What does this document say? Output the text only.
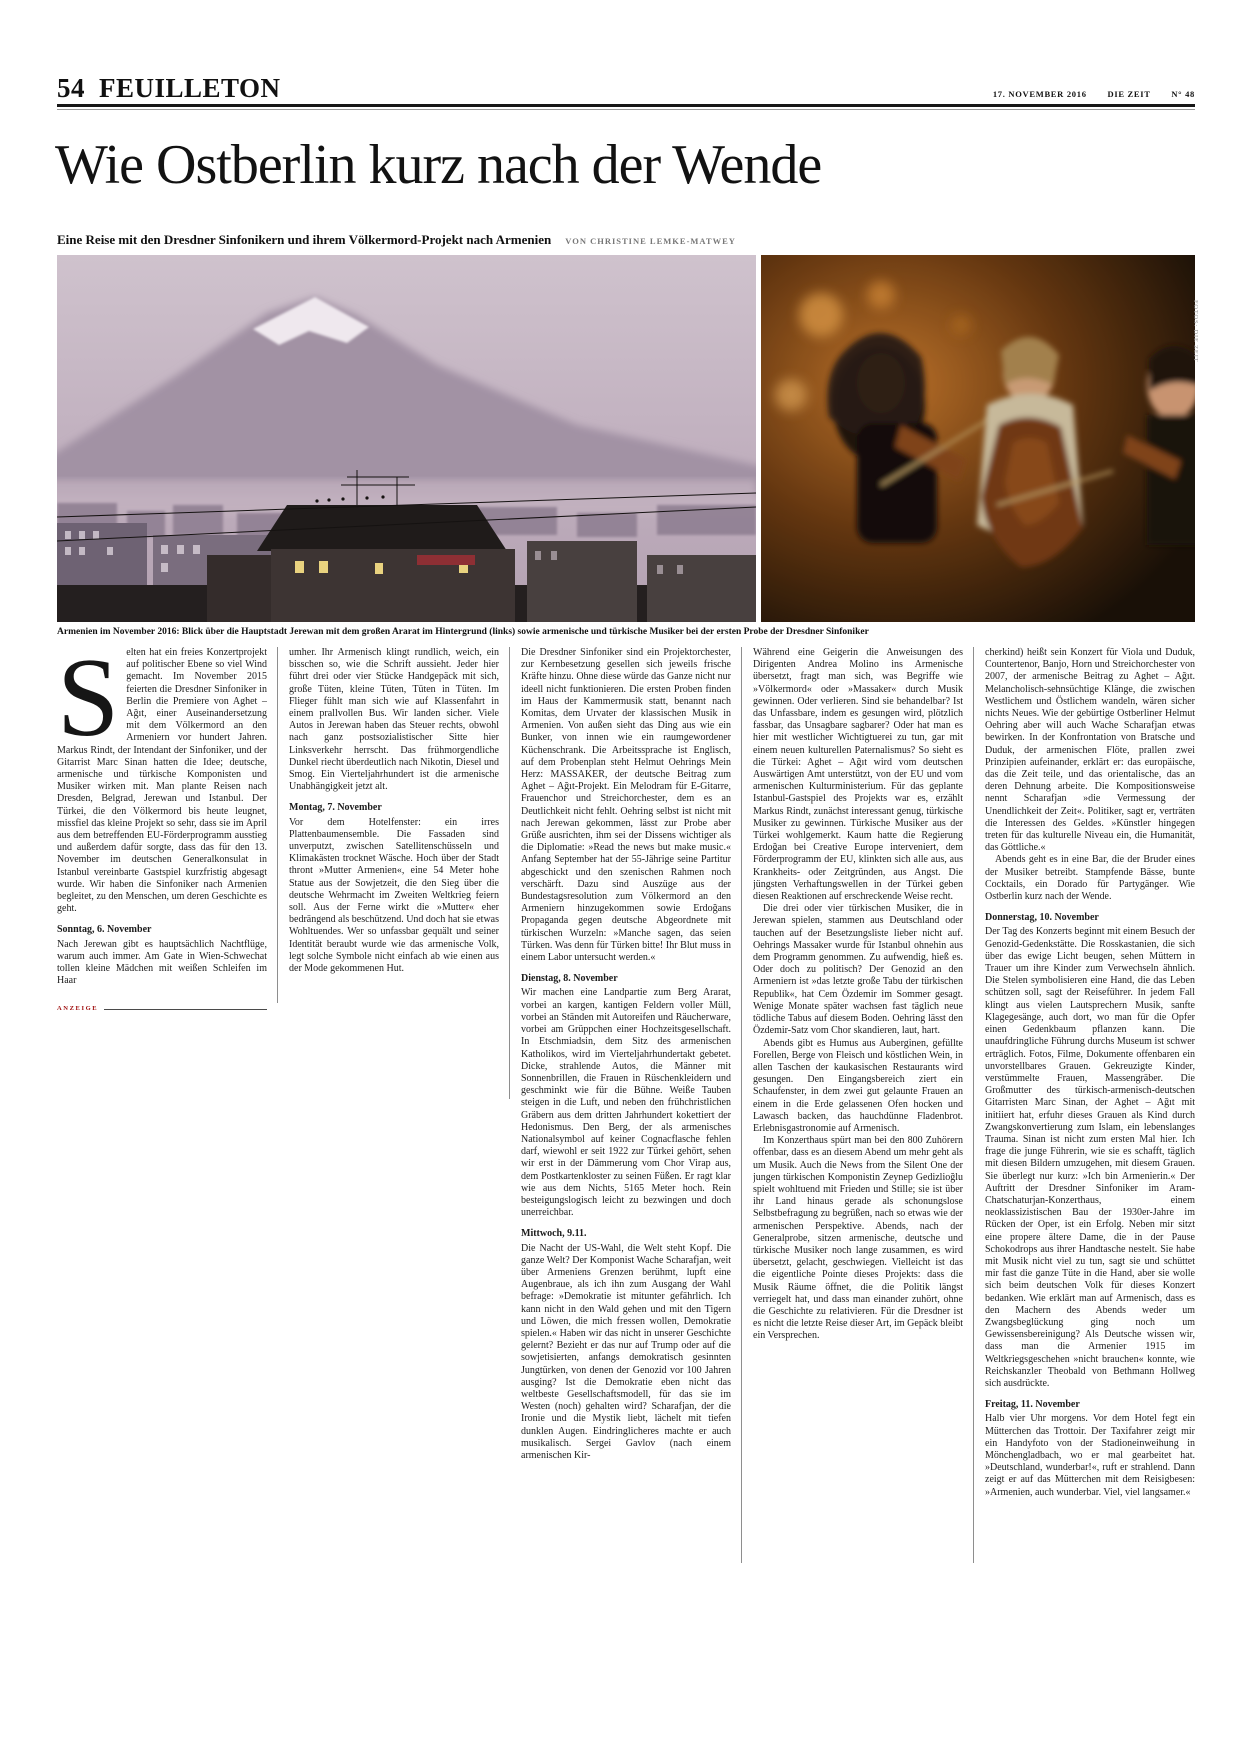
54 FEUILLETON	17. NOVEMBER 2016 DIE ZEIT N° 48
Wie Ostberlin kurz nach der Wende
Eine Reise mit den Dresdner Sinfonikern und ihrem Völkermord-Projekt nach Armenien VON CHRISTINE LEMKE-MATWEY
FOTOS: DIE ZEIT
Armenien im November 2016: Blick über die Hauptstadt Jerewan mit dem großen Ararat im Hintergrund (links) sowie armenische und türkische Musiker bei der ersten Probe der Dresdner Sinfoniker

Selten hat ein freies Konzertprojekt auf politischer Ebene so viel Wind gemacht. Im November 2015 feierten die Dresdner Sinfoniker in Berlin die Premiere von Aghet – Ağıt, einer Auseinandersetzung mit dem Völkermord an den Armeniern vor hundert Jahren. Markus Rindt, der Intendant der Sinfoniker, und der Gitarrist Marc Sinan hatten die Idee; deutsche, armenische und türkische Komponisten und Musiker wirken mit. Man plante Reisen nach Dresden, Belgrad, Jerewan und Istanbul. Der Türkei, die den Völkermord bis heute leugnet, missfiel das kleine Projekt so sehr, dass sie im April aus dem betreffenden EU-Förderprogramm ausstieg und außerdem dafür sorgte, dass das für den 13. November im deutschen Generalkonsulat in Istanbul vereinbarte Gastspiel kurzfristig abgesagt wurde. Wir haben die Sinfoniker nach Armenien begleitet, zu den Menschen, um deren Geschichte es geht.

Sonntag, 6. November

Nach Jerewan gibt es hauptsächlich Nachtflüge, warum auch immer. Am Gate in Wien-Schwechat tollen kleine Mädchen mit weißen Schleifen im Haar

ANZEIGE

umher. Ihr Armenisch klingt rundlich, weich, ein bisschen so, wie die Schrift aussieht. Jeder hier führt drei oder vier Stücke Handgepäck mit sich, große Tüten, kleine Tüten, Tüten in Tüten. Im Flieger fühlt man sich wie auf Klassenfahrt in einem prallvollen Bus. Wir landen sicher. Viele Autos in Jerewan haben das Steuer rechts, obwohl nach ganz postsozialistischer Sitte hier Linksverkehr herrscht. Das frühmorgendliche Dunkel riecht überdeutlich nach Nikotin, Diesel und Smog. Ein Vierteljahrhundert ist die armenische Unabhängigkeit jetzt alt.

Montag, 7. November

Vor dem Hotelfenster: ein irres Plattenbaumensemble. Die Fassaden sind unverputzt, zwischen Satellitenschüsseln und Klimakästen trocknet Wäsche. Hoch über der Stadt thront »Mutter Armenien«, eine 54 Meter hohe Statue aus der Sowjetzeit, die den Sieg über die deutsche Wehrmacht im Zweiten Weltkrieg feiern soll. Aus der Ferne wirkt die »Mutter« eher bedrängend als beschützend. Und doch hat sie etwas Wohltuendes. Wer so unfassbar gequält und seiner Identität beraubt wurde wie das armenische Volk, legt solche Symbole nicht einfach ab wie einen aus der Mode gekommenen Hut.

Die Dresdner Sinfoniker sind ein Projektorchester, zur Kernbesetzung gesellen sich jeweils frische Kräfte hinzu. Ohne diese würde das Ganze nicht nur ideell nicht funktionieren. Die ersten Proben finden im Haus der Kammermusik statt, benannt nach Komitas, dem Urvater der klassischen Musik in Armenien. Von außen sieht das Ding aus wie ein Bunker, von innen wie ein raumgewordener Küchenschrank. Die Arbeitssprache ist Englisch, auf dem Probenplan steht Helmut Oehrings Mein Herz: MASSAKER, der deutsche Beitrag zum Aghet – Ağıt-Projekt. Ein Melodram für E-Gitarre, Frauenchor und Streichorchester, dem es an Deutlichkeit nicht fehlt. Oehring selbst ist nicht mit nach Jerewan gekommen, lässt zur Probe aber Grüße ausrichten, ihm sei der Dissens wichtiger als die Diplomatie: »Read the news but make music.« Anfang September hat der 55-Jährige seine Partitur abgeschickt und den szenischen Rahmen noch verschärft. Dazu sind Auszüge aus der Bundestagsresolution zum Völkermord an den Armeniern hinzugekommen sowie Erdoğans Propaganda gegen deutsche Abgeordnete mit türkischen Wurzeln: »Manche sagen, das seien Türken. Was denn für Türken bitte! Ihr Blut muss in einem Labor untersucht werden.«

Dienstag, 8. November

Wir machen eine Landpartie zum Berg Ararat, vorbei an kargen, kantigen Feldern voller Müll, vorbei an Ständen mit Autoreifen und Räucherware, vorbei am Grüppchen einer Hochzeitsgesellschaft. In Etschmiadsin, dem Sitz des armenischen Katholikos, wird im Vierteljahrhundertakt gebetet. Dicke, strahlende Autos, die Männer mit Sonnenbrillen, die Frauen in Rüschenkleidern und geschminkt wie für die Bühne. Weiße Tauben steigen in die Luft, und neben den frühchristlichen Gräbern aus dem dritten Jahrhundert kokettiert der Hedonismus. Den Berg, der als armenisches Nationalsymbol auf keiner Cognacflasche fehlen darf, wiewohl er seit 1922 zur Türkei gehört, sehen wir erst in der Dämmerung vom Chor Virap aus, dem Postkartenkloster zu seinen Füßen. Er ragt klar wie aus dem Nichts, 5165 Meter hoch. Rein besteigungslogisch leicht zu bezwingen und doch unerreichbar.

Mittwoch, 9.11.

Die Nacht der US-Wahl, die Welt steht Kopf. Die ganze Welt? Der Komponist Wache Scharafjan, weit über Armeniens Grenzen berühmt, lupft eine Augenbraue, als ich ihn zum Ausgang der Wahl befrage: »Demokratie ist mitunter gefährlich. Ich kann nicht in den Wald gehen und mit den Tigern und Löwen, die mich fressen wollen, Demokratie spielen.« Haben wir das nicht in unserer Geschichte gelernt? Bezieht er das nur auf Trump oder auf die sowjetisierten, anfangs demokratisch gesinnten Jungtürken, von denen der Genozid vor 100 Jahren ausging? Ist die Demokratie eben nicht das weltbeste Gesellschaftsmodell, für das sie im Westen (noch) gehalten wird? Scharafjan, der die Ironie und die Mystik liebt, lächelt mit tiefen dunklen Augen. Eindringlicheres machte er auch musikalisch. Sergei Gavlov (nach einem armenischen Kir-

Während eine Geigerin die Anweisungen des Dirigenten Andrea Molino ins Armenische übersetzt, fragt man sich, was Begriffe wie »Völkermord« oder »Massaker« durch Musik gewinnen. Oder verlieren. Sind sie behandelbar? Ist das Unfassbare, indem es gesungen wird, plötzlich fassbar, das Unsagbare sagbarer? Oder hat man es hier mit westlicher Wichtigtuerei zu tun, gar mit einem neuen kulturellen Paternalismus? So sieht es die Türkei: Aghet – Ağıt wird vom deutschen Auswärtigen Amt unterstützt, von der EU und vom armenischen Kulturministerium. Für das geplante Istanbul-Gastspiel des Projekts war es, erzählt Markus Rindt, zunächst interessant genug, türkische Musiker zu gewinnen. Türkische Musiker aus der Türkei wohlgemerkt. Kaum hatte die Regierung Erdoğan bei Creative Europe interveniert, dem Förderprogramm der EU, klinkten sich alle aus, aus Krankheits- oder Zeitgründen, aus Angst. Die jüngsten Verhaftungswellen in der Türkei geben diesen Reaktionen auf erschreckende Weise recht.

Die drei oder vier türkischen Musiker, die in Jerewan spielen, stammen aus Deutschland oder tauchen auf der Besetzungsliste lieber nicht auf. Oehrings Massaker wurde für Istanbul ohnehin aus dem Programm genommen. Zu aufwendig, hieß es. Oder doch zu politisch? Der Genozid an den Armeniern ist »das letzte große Tabu der türkischen Republik«, hat Cem Özdemir im Sommer gesagt. Wenige Monate später wachsen fast täglich neue tödliche Tabus auf diesem Boden. Oehring lässt den Özdemir-Satz vom Chor skandieren, laut, hart.

Abends gibt es Humus aus Auberginen, gefüllte Forellen, Berge von Fleisch und köstlichen Wein, in allen Taschen der kaukasischen Restaurants wird gesungen. Den Eingangsbereich ziert ein Schaufenster, in dem zwei gut gelaunte Frauen an einem in die Erde gelassenen Ofen hocken und Lawasch backen, das hauchdünne Fladenbrot. Erlebnisgastronomie auf Armenisch.

Im Konzerthaus spürt man bei den 800 Zuhörern offenbar, dass es an diesem Abend um mehr geht als um Musik. Auch die News from the Silent One der jungen türkischen Komponistin Zeynep Gedizlioğlu spielt wohltuend mit Frieden und Stille; sie ist über ihr Land hinaus gerade als schonungslose Selbstbefragung zu begrüßen, nach so etwas wie der armenischen Perspektive. Abends, nach der Generalprobe, sitzen armenische, deutsche und türkische Musiker noch lange zusammen, es wird übersetzt, gelacht, geschwiegen. Vielleicht ist das die eigentliche Pointe dieses Projekts: dass die Musik Räume öffnet, die die Politik längst verriegelt hat, und dass man einander zuhört, ohne die Geschichte zu relativieren. Für die Dresdner ist es nicht die letzte Reise dieser Art, im Gepäck bleibt ein Versprechen.

cherkind) heißt sein Konzert für Viola und Duduk, Countertenor, Banjo, Horn und Streichorchester von 2007, der armenische Beitrag zu Aghet – Ağıt. Melancholisch-sehnsüchtige Klänge, die zwischen Westlichem und Östlichem wandeln, wären sicher nichts Neues. Wie der gebürtige Ostberliner Helmut Oehring aber will auch Wache Scharafjan etwas bewirken. In der Konfrontation von Bratsche und Duduk, der armenischen Flöte, prallen zwei Prinzipien aufeinander, erklärt er: das europäische, das die Zeit teile, und das orientalische, das an deren Dehnung arbeite. Die Kompositionsweise nennt Scharafjan »die Vermessung der Unendlichkeit der Zeit«. Politiker, sagt er, verträten die Interessen des Geldes. »Künstler hingegen treten für das kulturelle Niveau ein, die Humanität, das Göttliche.«

Abends geht es in eine Bar, die der Bruder eines der Musiker betreibt. Stampfende Bässe, bunte Cocktails, ein Dorado für Partygänger. Wie Ostberlin kurz nach der Wende.

Donnerstag, 10. November

Der Tag des Konzerts beginnt mit einem Besuch der Genozid-Gedenkstätte. Die Rosskastanien, die sich über das ewige Licht beugen, sehen Müttern in Trauer um ihre Kinder zum Verwechseln ähnlich. Die Stelen symbolisieren eine Hand, die das Leben schützen soll, sagt der Reiseführer. In jedem Fall klingt aus vielen Lautsprechern Musik, sanfte Klagegesänge, auch dort, wo man für die Opfer einen Gedenkbaum pflanzen kann. Die unaufdringliche Führung durchs Museum ist schwer erträglich. Fotos, Filme, Dokumente offenbaren ein unvorstellbares Grauen. Gekreuzigte Kinder, verstümmelte Frauen, Massengräber. Die Großmutter des türkisch-armenisch-deutschen Gitarristen Marc Sinan, der Aghet – Ağıt mit initiiert hat, erfuhr dieses Grauen als Kind durch Zwangskonvertierung zum Islam, ein lebenslanges Trauma. Sinan ist nicht zum ersten Mal hier. Ich frage die junge Führerin, wie sie es schafft, täglich mit diesen Bildern umzugehen, mit diesem Grauen. Sie überlegt nur kurz: »Ich bin Armenierin.« Der Auftritt der Dresdner Sinfoniker im Aram-Chatschaturjan-Konzerthaus, einem neoklassizistischen Bau der 1930er-Jahre im Rücken der Oper, ist ein Erfolg. Neben mir sitzt eine propere ältere Dame, die in der Pause Schokodrops aus ihrer Handtasche nestelt. Sie habe mit Musik nicht viel zu tun, sagt sie und schüttet mir fast die ganze Tüte in die Hand, aber sie wolle sich beim deutschen Volk für dieses Konzert bedanken. Wie erklärt man auf Armenisch, dass es den Machern des Abends weder um Zwangsbeglückung ging noch um Gewissensbereinigung? Als Deutsche wissen wir, dass man die Armenier 1915 im Weltkriegsgeschehen »nicht brauchen« konnte, wie Reichskanzler Theobald von Bethmann Hollweg sich ausdrückte.

Freitag, 11. November

Halb vier Uhr morgens. Vor dem Hotel fegt ein Mütterchen das Trottoir. Der Taxifahrer zeigt mir ein Handyfoto von der Stadioneinweihung in Mönchengladbach, wo er mal gearbeitet hat. »Deutschland, wunderbar!«, ruft er strahlend. Dann zeigt er auf das Mütterchen mit dem Reisigbesen: »Armenien, auch wunderbar. Viel, viel langsamer.«
